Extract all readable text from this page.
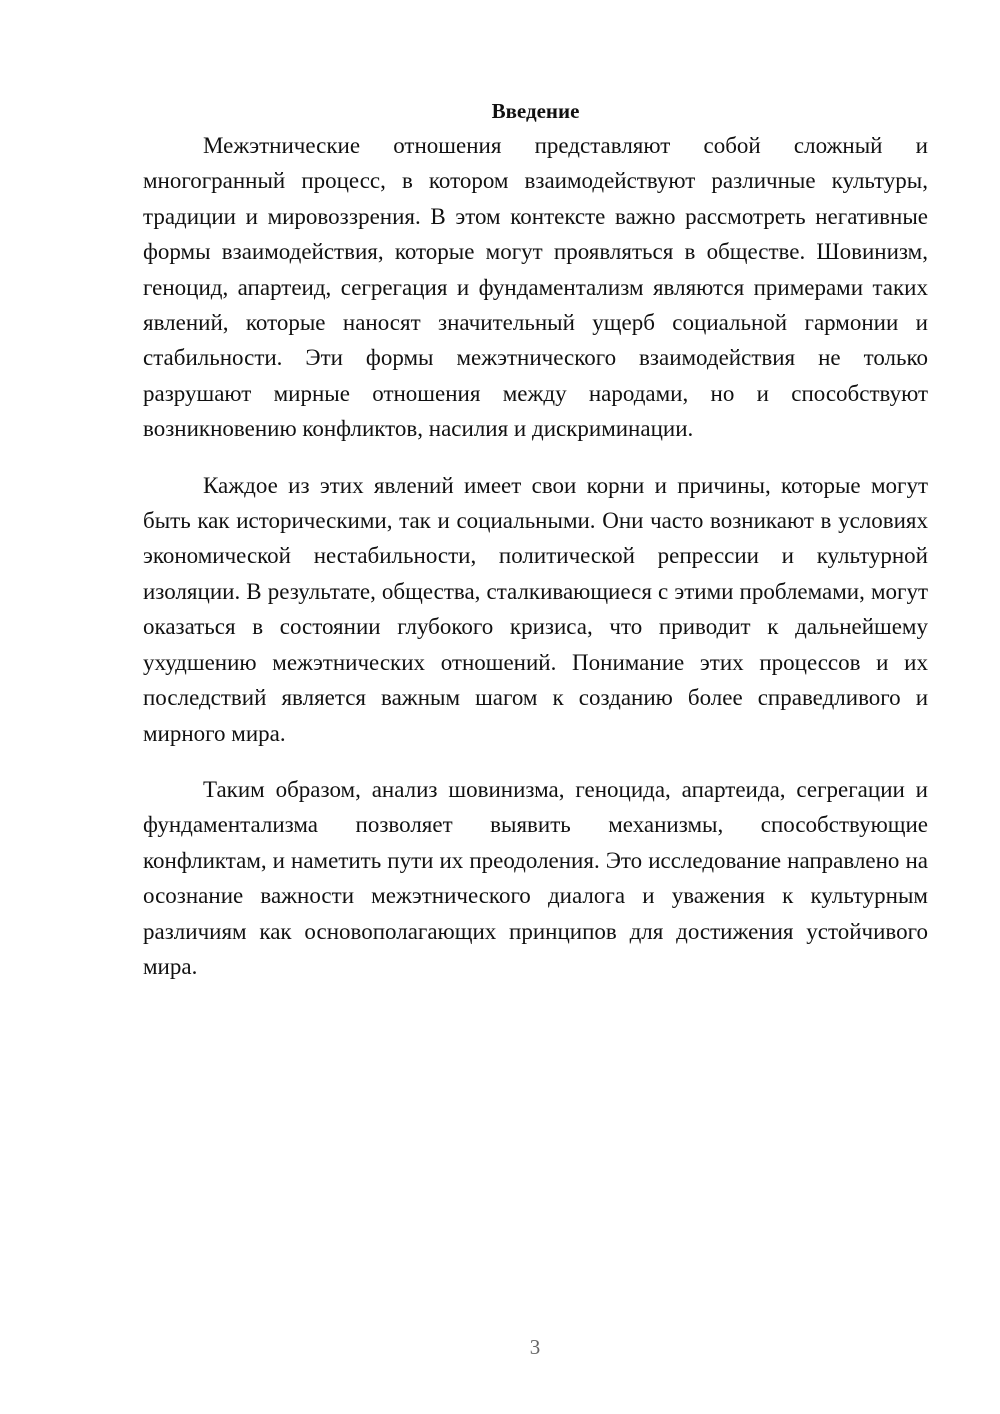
Введение

Межэтнические отношения представляют собой сложный и многогранный процесс, в котором взаимодействуют различные культуры, традиции и мировоззрения. В этом контексте важно рассмотреть негативные формы взаимодействия, которые могут проявляться в обществе. Шовинизм, геноцид, апартеид, сегрегация и фундаментализм являются примерами таких явлений, которые наносят значительный ущерб социальной гармонии и стабильности. Эти формы межэтнического взаимодействия не только разрушают мирные отношения между народами, но и способствуют возникновению конфликтов, насилия и дискриминации.

Каждое из этих явлений имеет свои корни и причины, которые могут быть как историческими, так и социальными. Они часто возникают в условиях экономической нестабильности, политической репрессии и культурной изоляции. В результате, общества, сталкивающиеся с этими проблемами, могут оказаться в состоянии глубокого кризиса, что приводит к дальнейшему ухудшению межэтнических отношений. Понимание этих процессов и их последствий является важным шагом к созданию более справедливого и мирного мира.

Таким образом, анализ шовинизма, геноцида, апартеида, сегрегации и фундаментализма позволяет выявить механизмы, способствующие конфликтам, и наметить пути их преодоления. Это исследование направлено на осознание важности межэтнического диалога и уважения к культурным различиям как основополагающих принципов для достижения устойчивого мира.

3
